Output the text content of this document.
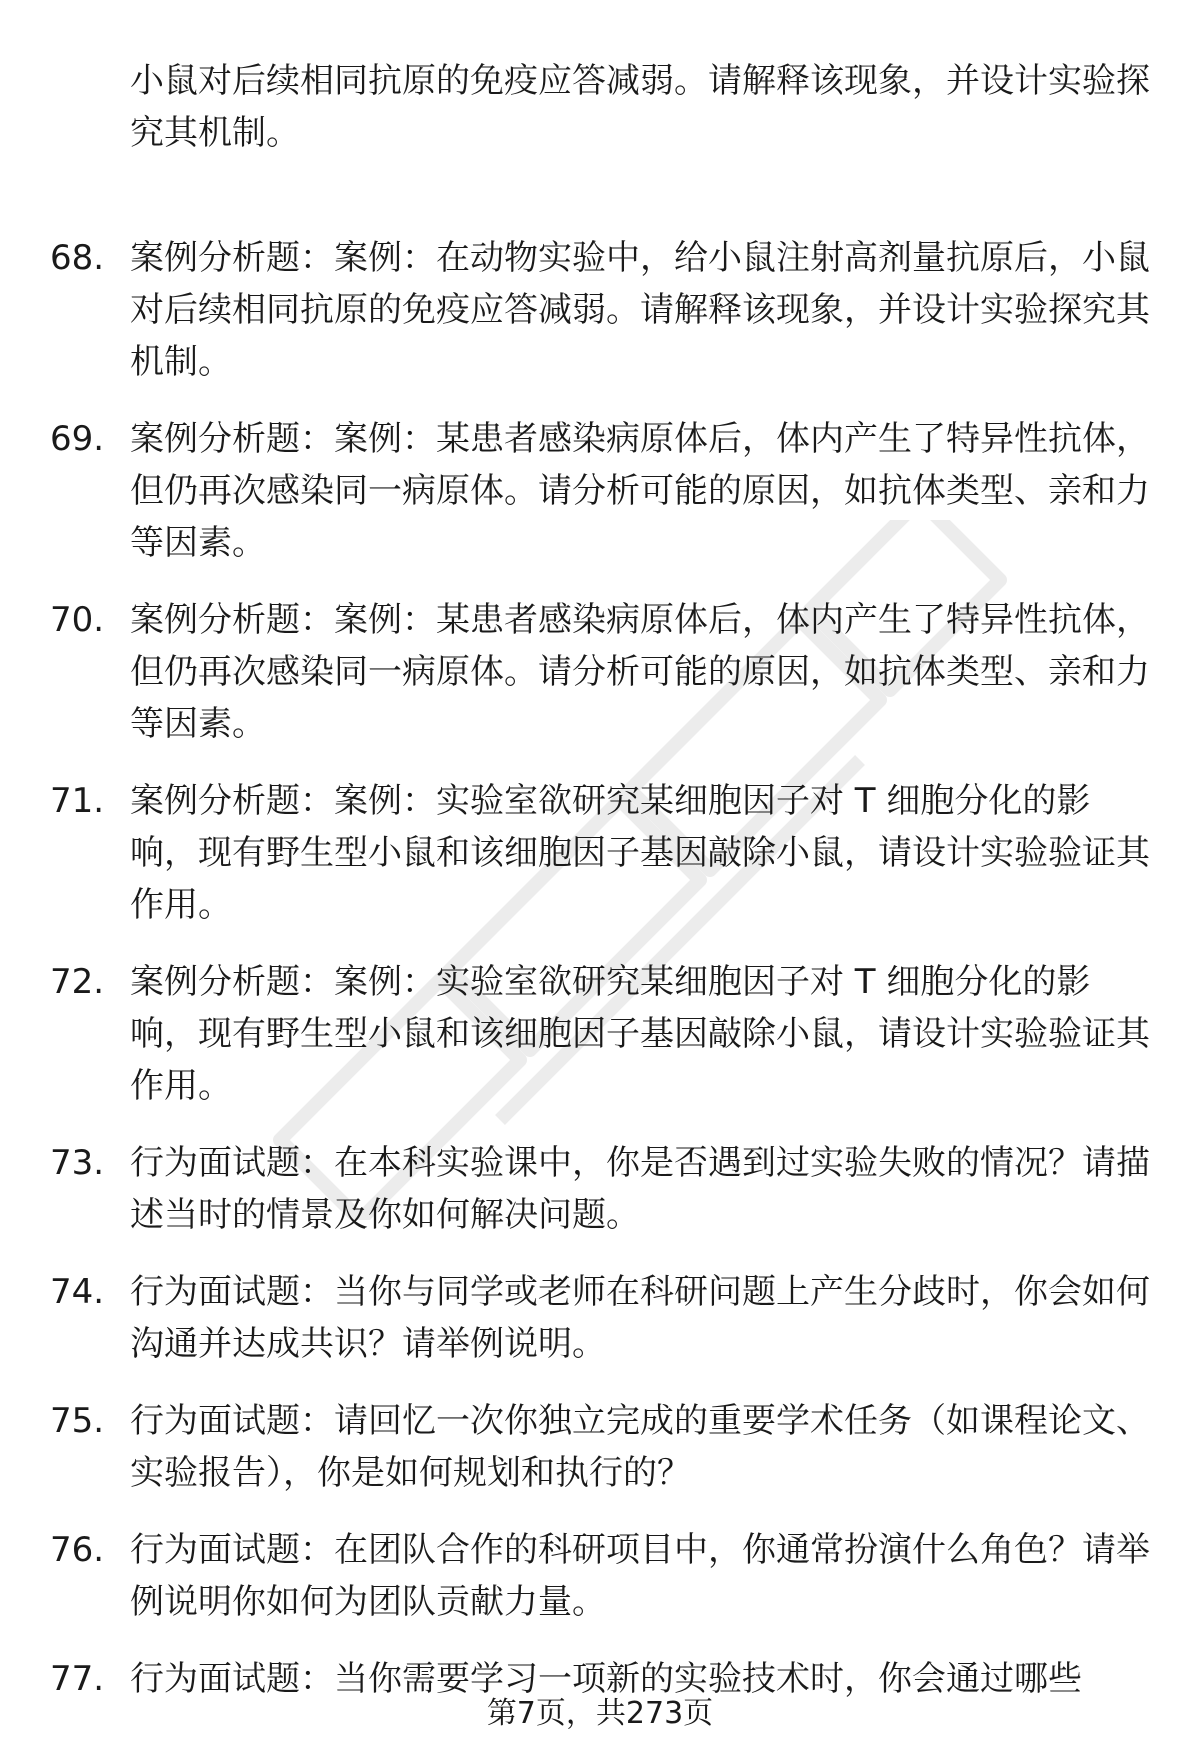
小鼠对后续相同抗原的免疫应答减弱。请解释该现象，并设计实验探究其机制。

68. 案例分析题：案例：在动物实验中，给小鼠注射高剂量抗原后，小鼠对后续相同抗原的免疫应答减弱。请解释该现象，并设计实验探究其机制。
69. 案例分析题：案例：某患者感染病原体后，体内产生了特异性抗体，但仍再次感染同一病原体。请分析可能的原因，如抗体类型、亲和力等因素。
70. 案例分析题：案例：某患者感染病原体后，体内产生了特异性抗体，但仍再次感染同一病原体。请分析可能的原因，如抗体类型、亲和力等因素。
71. 案例分析题：案例：实验室欲研究某细胞因子对 T 细胞分化的影响，现有野生型小鼠和该细胞因子基因敲除小鼠，请设计实验验证其作用。
72. 案例分析题：案例：实验室欲研究某细胞因子对 T 细胞分化的影响，现有野生型小鼠和该细胞因子基因敲除小鼠，请设计实验验证其作用。
73. 行为面试题：在本科实验课中，你是否遇到过实验失败的情况？请描述当时的情景及你如何解决问题。
74. 行为面试题：当你与同学或老师在科研问题上产生分歧时，你会如何沟通并达成共识？请举例说明。
75. 行为面试题：请回忆一次你独立完成的重要学术任务（如课程论文、实验报告），你是如何规划和执行的？
76. 行为面试题：在团队合作的科研项目中，你通常扮演什么角色？请举例说明你如何为团队贡献力量。
77. 行为面试题：当你需要学习一项新的实验技术时，你会通过哪些

第7页，共273页
